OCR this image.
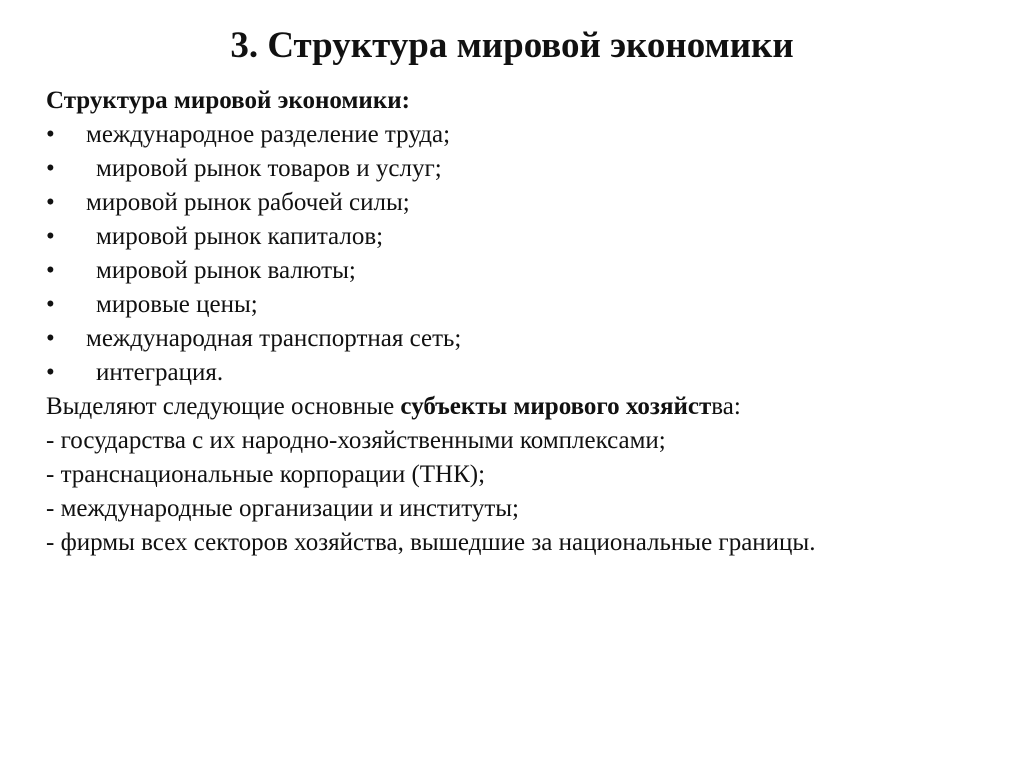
3. Структура мировой экономики
Структура мировой экономики:
•	международное разделение труда;
•	мировой рынок товаров и услуг;
•	мировой рынок рабочей силы;
•	мировой рынок капиталов;
•	мировой рынок валюты;
•	мировые цены;
•	международная транспортная сеть;
•	интеграция.
Выделяют следующие основные субъекты мирового хозяйства:
- государства с их народно-хозяйственными комплексами;
- транснациональные корпорации (ТНК);
- международные организации и институты;
- фирмы всех секторов хозяйства, вышедшие за национальные границы.
